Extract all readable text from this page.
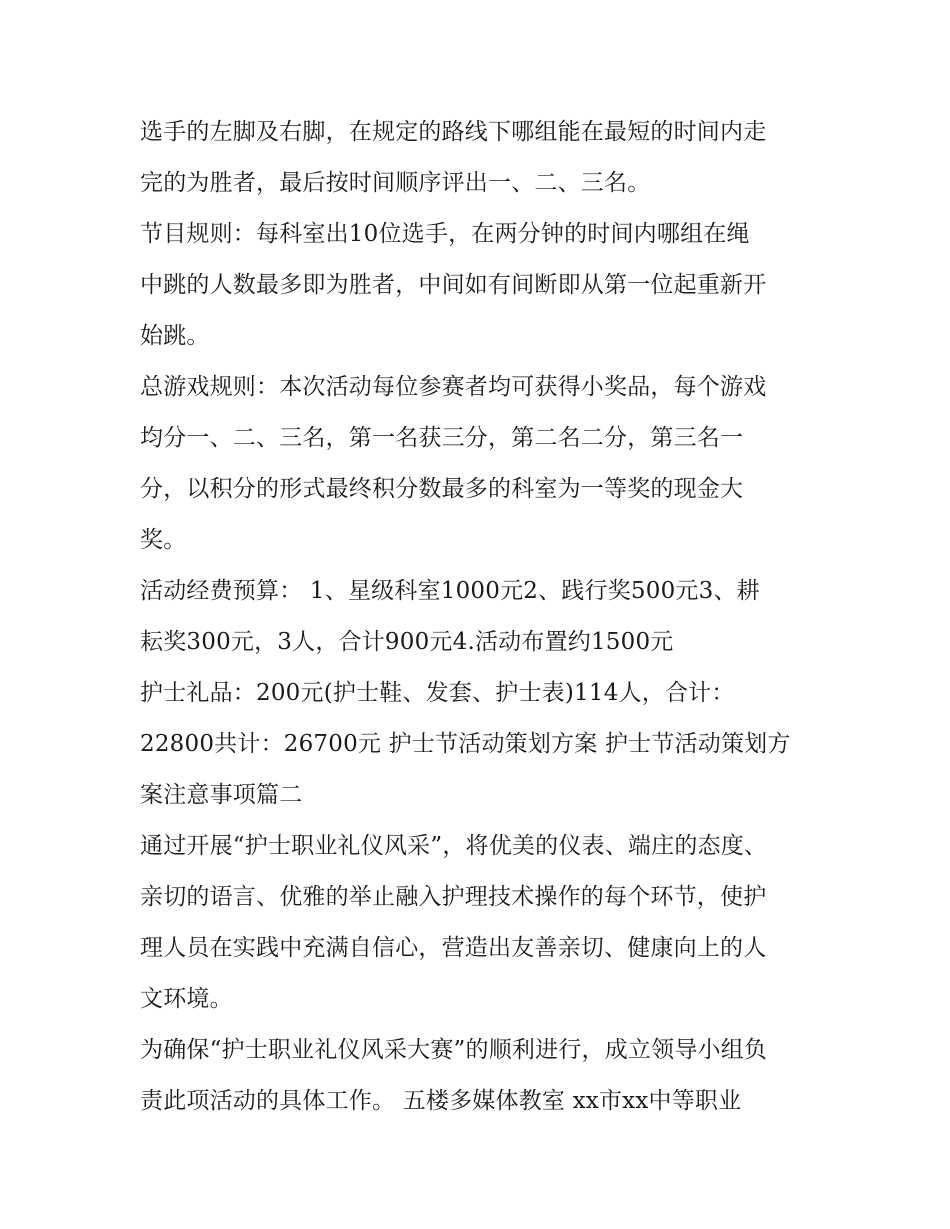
选手的左脚及右脚，在规定的路线下哪组能在最短的时间内走
完的为胜者，最后按时间顺序评出一、二、三名。
节目规则：每科室出10位选手，在两分钟的时间内哪组在绳
中跳的人数最多即为胜者，中间如有间断即从第一位起重新开
始跳。
总游戏规则：本次活动每位参赛者均可获得小奖品，每个游戏
均分一、二、三名，第一名获三分，第二名二分，第三名一
分，以积分的形式最终积分数最多的科室为一等奖的现金大
奖。
活动经费预算： 1、星级科室1000元2、践行奖500元3、耕
耘奖300元，3人，合计900元4.活动布置约1500元
护士礼品：200元(护士鞋、发套、护士表)114人，合计：
22800共计：26700元 护士节活动策划方案 护士节活动策划方
案注意事项篇二
通过开展“护士职业礼仪风采”，将优美的仪表、端庄的态度、
亲切的语言、优雅的举止融入护理技术操作的每个环节，使护
理人员在实践中充满自信心，营造出友善亲切、健康向上的人
文环境。
为确保“护士职业礼仪风采大赛”的顺利进行，成立领导小组负
责此项活动的具体工作。 五楼多媒体教室 xx市xx中等职业
